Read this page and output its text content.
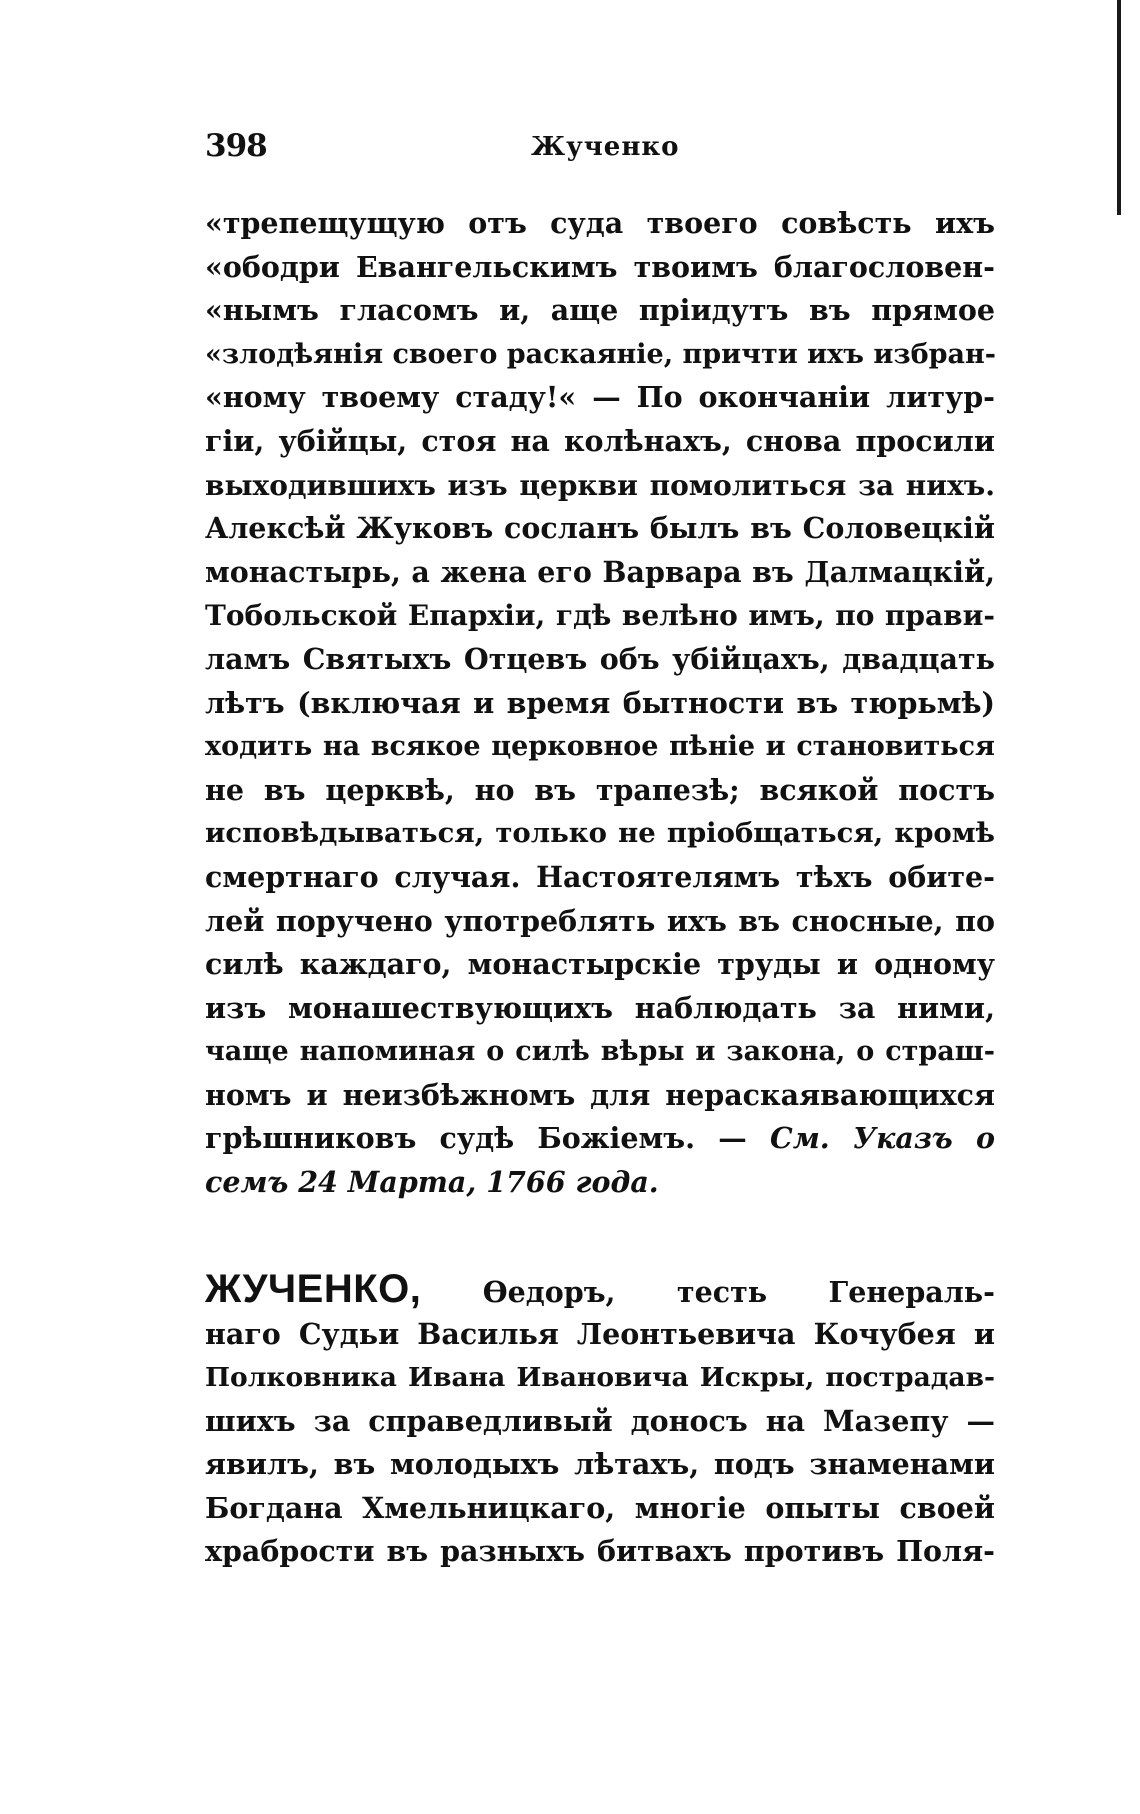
398	Жученко
«трепещущую отъ суда твоего совѣсть ихъ
«ободри Евангельскимъ твоимъ благословен-
«нымъ гласомъ и, аще пріидутъ въ прямое
«злодѣянія своего раскаяніе, причти ихъ избран-
«ному твоему стаду!« — По окончаніи литур-
гіи, убійцы, стоя на колѣнахъ, снова просили
выходившихъ изъ церкви помолиться за нихъ.
Алексѣй Жуковъ сосланъ былъ въ Соловецкій
монастырь, а жена его Варвара въ Далмацкій,
Тобольской Епархіи, гдѣ велѣно имъ, по прави-
ламъ Святыхъ Отцевъ объ убійцахъ, двадцать
лѣтъ (включая и время бытности въ тюрьмѣ)
ходить на всякое церковное пѣніе и становиться
не въ церквѣ, но въ трапезѣ; всякой постъ
исповѣдываться, только не пріобщаться, кромѣ
смертнаго случая. Настоятелямъ тѣхъ обите-
лей поручено употреблять ихъ въ сносные, по
силѣ каждаго, монастырскіе труды и одному
изъ монашествующихъ наблюдать за ними,
чаще напоминая о силѣ вѣры и закона, о страш-
номъ и неизбѣжномъ для нераскаявающихся
грѣшниковъ судѣ Божіемъ. — См. Указъ о
семъ 24 Марта, 1766 года.
ЖУЧЕНКО, Ѳедоръ, тесть Генераль-
наго Судьи Василья Леонтьевича Кочубея и
Полковника Ивана Ивановича Искры, пострадав-
шихъ за справедливый доносъ на Мазепу —
явилъ, въ молодыхъ лѣтахъ, подъ знаменами
Богдана Хмельницкаго, многіе опыты своей
храбрости въ разныхъ битвахъ противъ Поля-
